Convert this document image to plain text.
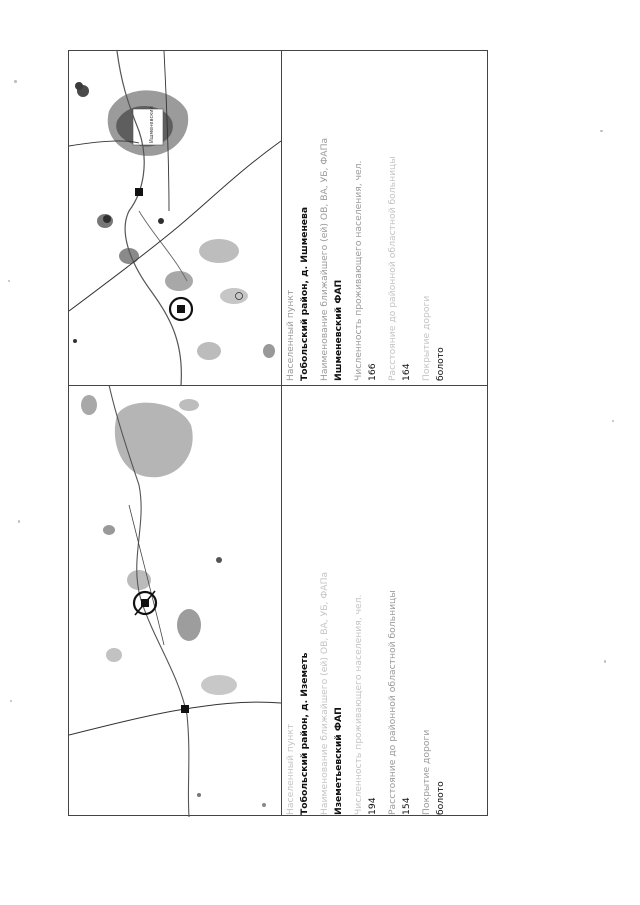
Ишменевский

Населенный пункт Тобольский район, д. Ишменева Наименование ближайшего (ей) ОВ, ВА, УБ, ФАПа Ишменевский ФАП Численность проживающего населения, чел. 166 Расстояние до районной областной больницы 164 Покрытие дороги болото

Населенный пункт Тобольский район, д. Иземеть Наименование ближайшего (ей) ОВ, ВА, УБ, ФАПа Иземетьевский ФАП Численность проживающего населения, чел. 194 Расстояние до районной областной больницы 154 Покрытие дороги болото
